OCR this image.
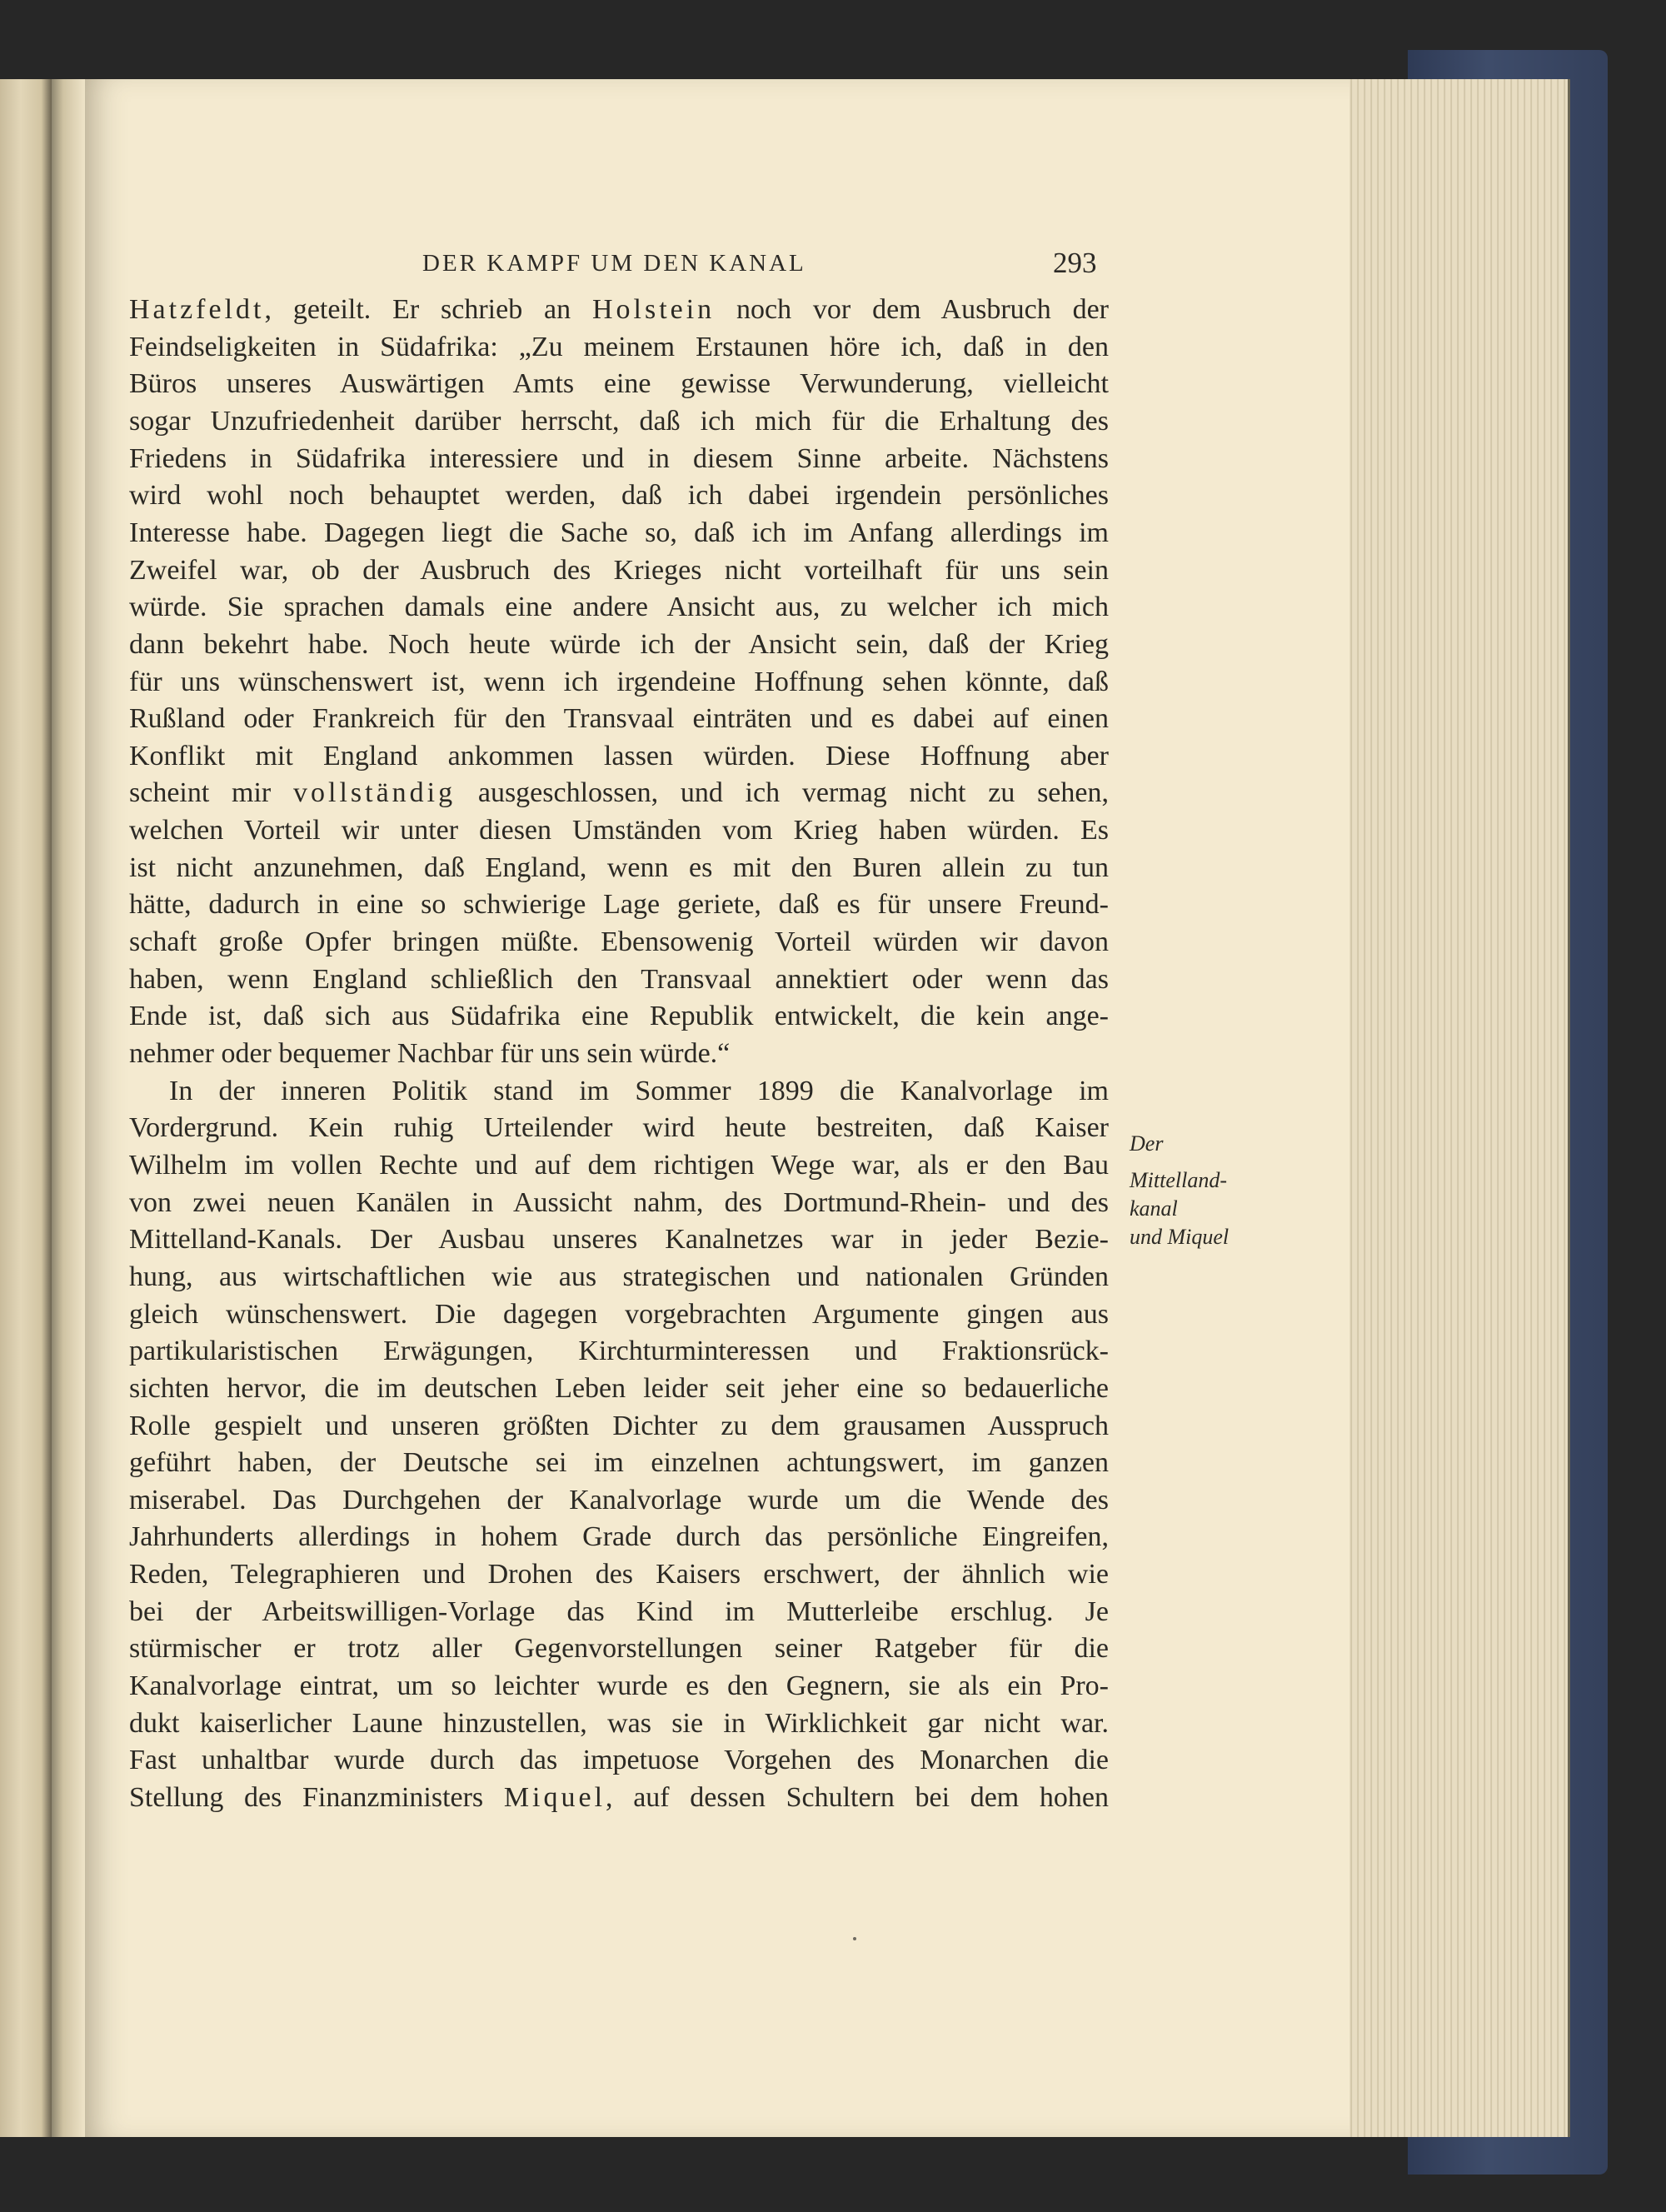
DER KAMPF UM DEN KANAL	293
Hatzfeldt, geteilt. Er schrieb an Holstein noch vor dem Ausbruch der
Feindseligkeiten in Südafrika: „Zu meinem Erstaunen höre ich, daß in den
Büros unseres Auswärtigen Amts eine gewisse Verwunderung, vielleicht
sogar Unzufriedenheit darüber herrscht, daß ich mich für die Erhaltung des
Friedens in Südafrika interessiere und in diesem Sinne arbeite. Nächstens
wird wohl noch behauptet werden, daß ich dabei irgendein persönliches
Interesse habe. Dagegen liegt die Sache so, daß ich im Anfang allerdings im
Zweifel war, ob der Ausbruch des Krieges nicht vorteilhaft für uns sein
würde. Sie sprachen damals eine andere Ansicht aus, zu welcher ich mich
dann bekehrt habe. Noch heute würde ich der Ansicht sein, daß der Krieg
für uns wünschenswert ist, wenn ich irgendeine Hoffnung sehen könnte, daß
Rußland oder Frankreich für den Transvaal einträten und es dabei auf einen
Konflikt mit England ankommen lassen würden. Diese Hoffnung aber
scheint mir vollständig ausgeschlossen, und ich vermag nicht zu sehen,
welchen Vorteil wir unter diesen Umständen vom Krieg haben würden. Es
ist nicht anzunehmen, daß England, wenn es mit den Buren allein zu tun
hätte, dadurch in eine so schwierige Lage geriete, daß es für unsere Freund-
schaft große Opfer bringen müßte. Ebensowenig Vorteil würden wir davon
haben, wenn England schließlich den Transvaal annektiert oder wenn das
Ende ist, daß sich aus Südafrika eine Republik entwickelt, die kein ange-
nehmer oder bequemer Nachbar für uns sein würde.“
In der inneren Politik stand im Sommer 1899 die Kanalvorlage im
Vordergrund. Kein ruhig Urteilender wird heute bestreiten, daß Kaiser
Wilhelm im vollen Rechte und auf dem richtigen Wege war, als er den Bau
von zwei neuen Kanälen in Aussicht nahm, des Dortmund-Rhein- und des
Mittelland-Kanals. Der Ausbau unseres Kanalnetzes war in jeder Bezie-
hung, aus wirtschaftlichen wie aus strategischen und nationalen Gründen
gleich wünschenswert. Die dagegen vorgebrachten Argumente gingen aus
partikularistischen Erwägungen, Kirchturminteressen und Fraktionsrück-
sichten hervor, die im deutschen Leben leider seit jeher eine so bedauerliche
Rolle gespielt und unseren größten Dichter zu dem grausamen Ausspruch
geführt haben, der Deutsche sei im einzelnen achtungswert, im ganzen
miserabel. Das Durchgehen der Kanalvorlage wurde um die Wende des
Jahrhunderts allerdings in hohem Grade durch das persönliche Eingreifen,
Reden, Telegraphieren und Drohen des Kaisers erschwert, der ähnlich wie
bei der Arbeitswilligen-Vorlage das Kind im Mutterleibe erschlug. Je
stürmischer er trotz aller Gegenvorstellungen seiner Ratgeber für die
Kanalvorlage eintrat, um so leichter wurde es den Gegnern, sie als ein Pro-
dukt kaiserlicher Laune hinzustellen, was sie in Wirklichkeit gar nicht war.
Fast unhaltbar wurde durch das impetuose Vorgehen des Monarchen die
Stellung des Finanzministers Miquel, auf dessen Schultern bei dem hohen
Der
Mittelland-
kanal
und Miquel
